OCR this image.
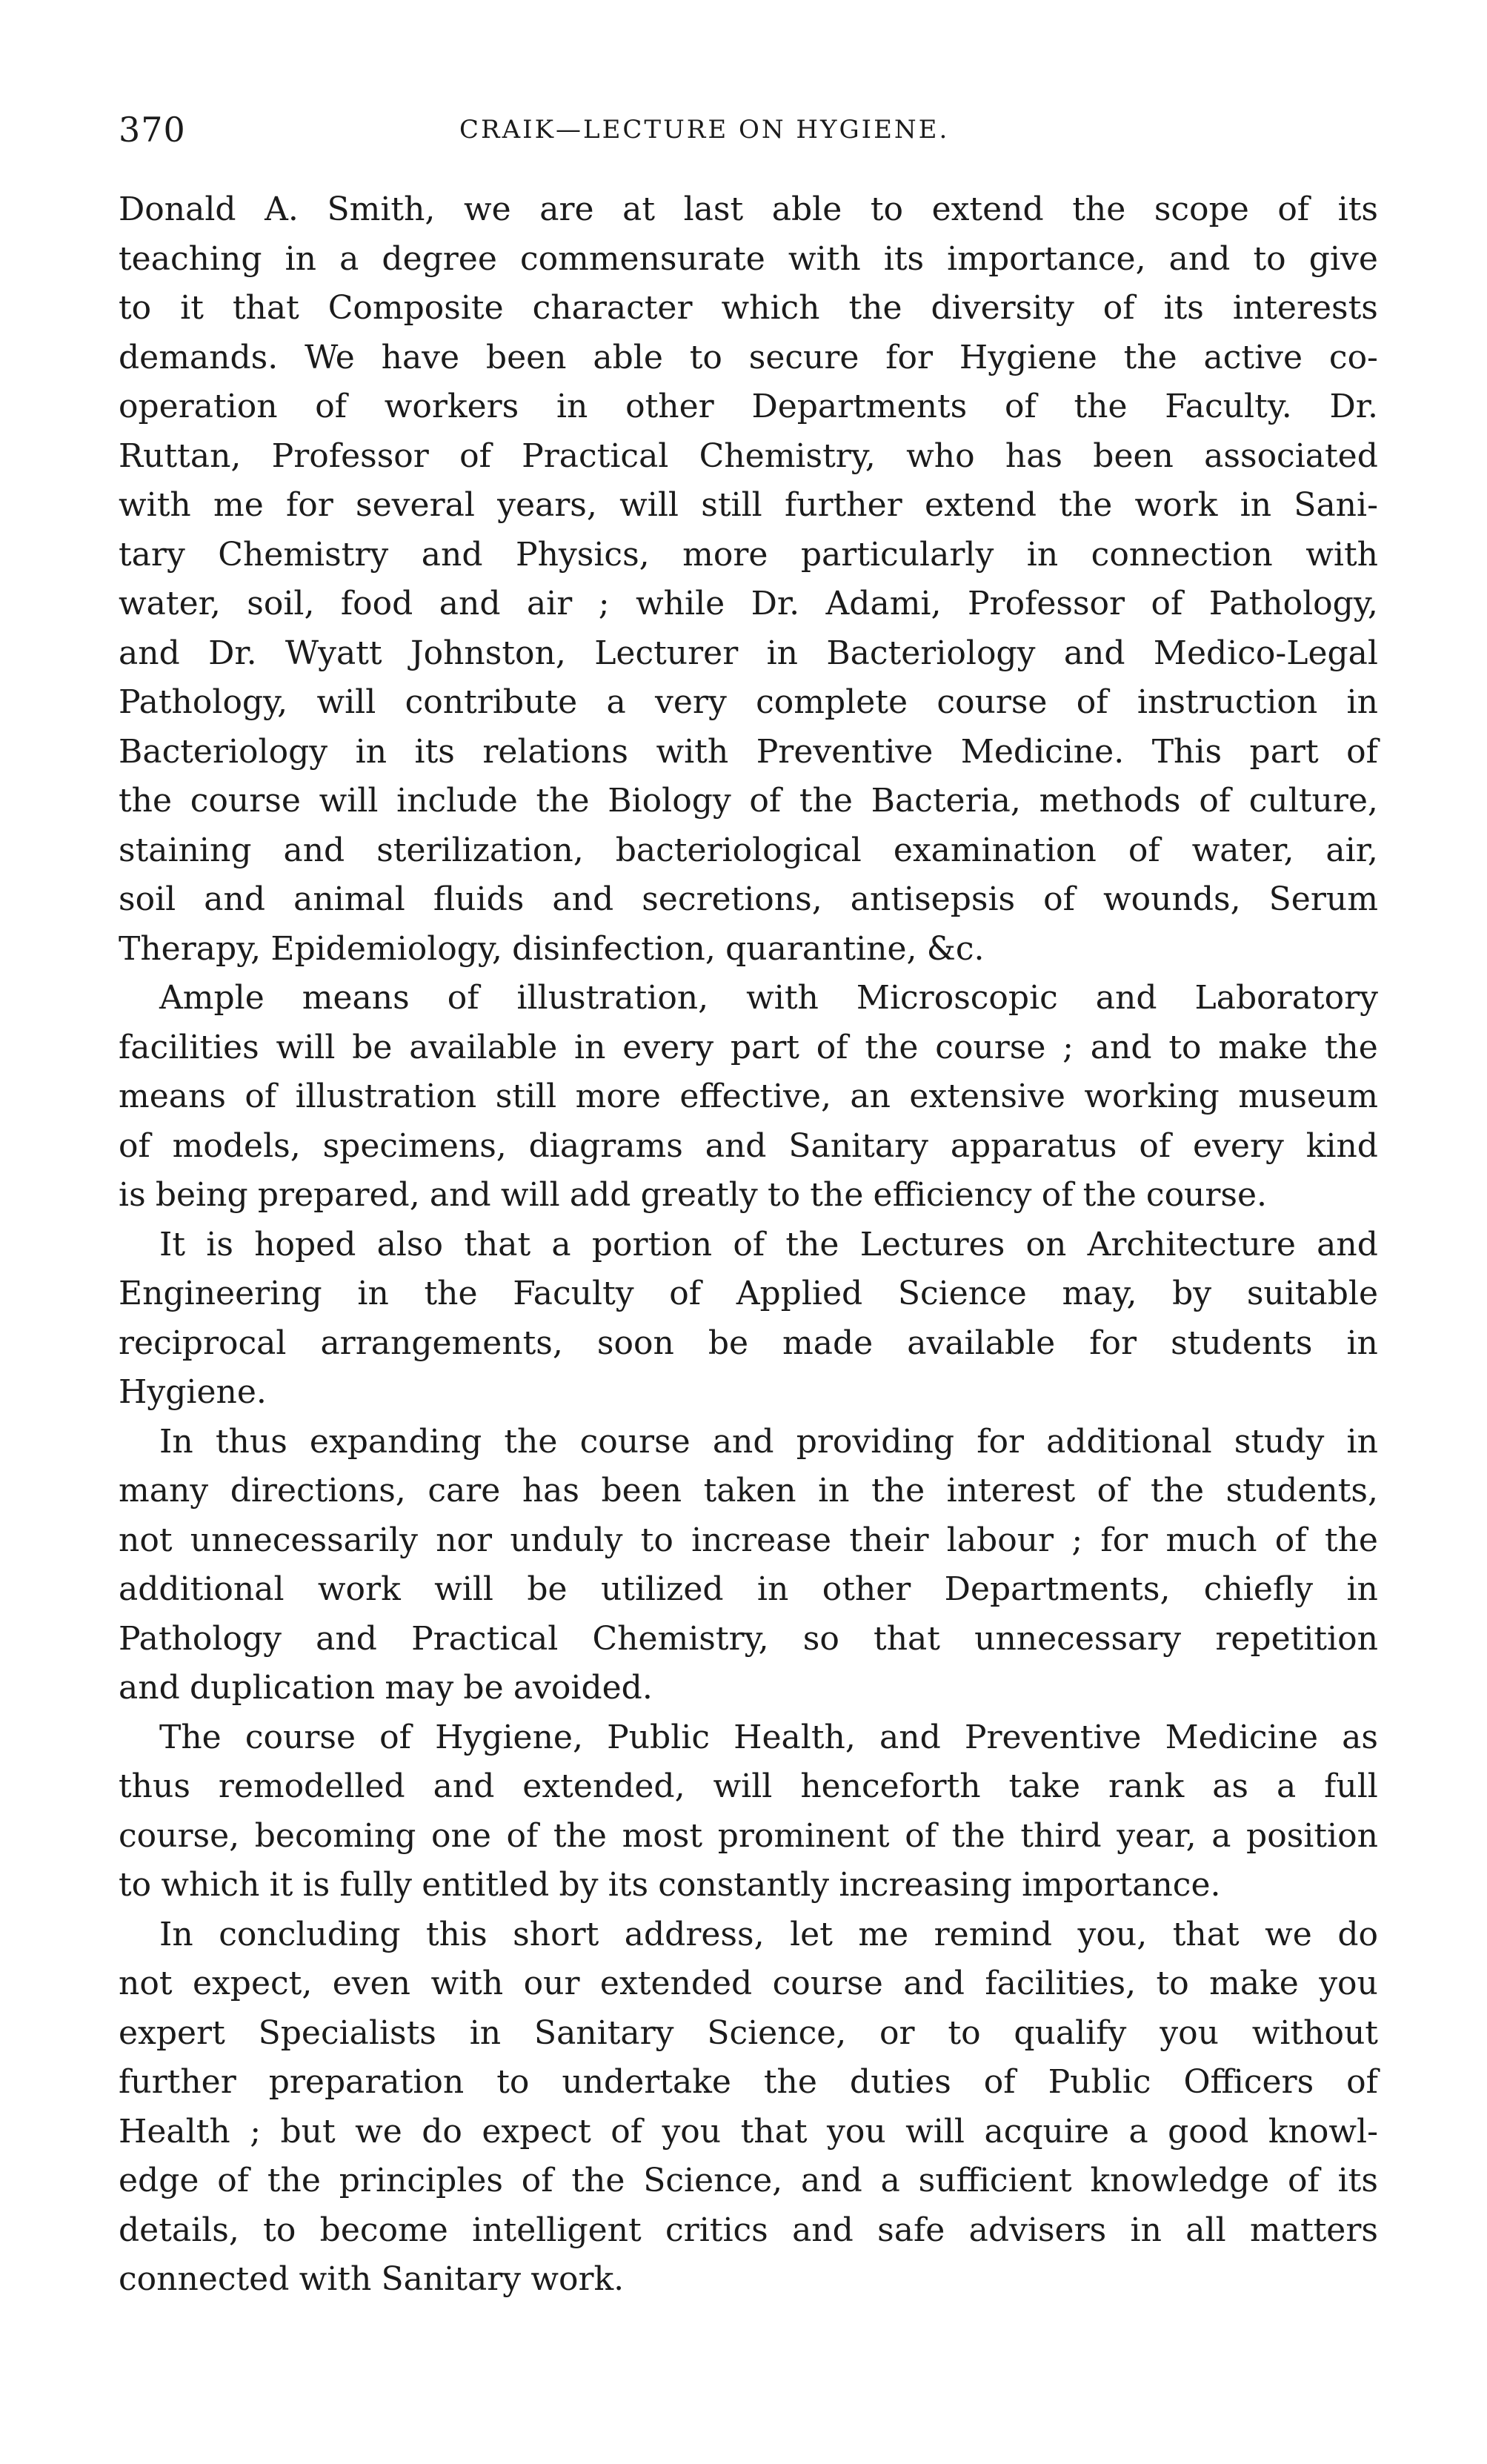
370	CRAIK—LECTURE ON HYGIENE.
Donald A. Smith, we are at last able to extend the scope of its
teaching in a degree commensurate with its importance, and to give
to it that Composite character which the diversity of its interests
demands. We have been able to secure for Hygiene the active co-
operation of workers in other Departments of the Faculty. Dr.
Ruttan, Professor of Practical Chemistry, who has been associated
with me for several years, will still further extend the work in Sani-
tary Chemistry and Physics, more particularly in connection with
water, soil, food and air ; while Dr. Adami, Professor of Pathology,
and Dr. Wyatt Johnston, Lecturer in Bacteriology and Medico-Legal
Pathology, will contribute a very complete course of instruction in
Bacteriology in its relations with Preventive Medicine. This part of
the course will include the Biology of the Bacteria, methods of culture,
staining and sterilization, bacteriological examination of water, air,
soil and animal fluids and secretions, antisepsis of wounds, Serum
Therapy, Epidemiology, disinfection, quarantine, &c.
Ample means of illustration, with Microscopic and Laboratory
facilities will be available in every part of the course ; and to make the
means of illustration still more effective, an extensive working museum
of models, specimens, diagrams and Sanitary apparatus of every kind
is being prepared, and will add greatly to the efficiency of the course.
It is hoped also that a portion of the Lectures on Architecture and
Engineering in the Faculty of Applied Science may, by suitable
reciprocal arrangements, soon be made available for students in
Hygiene.
In thus expanding the course and providing for additional study in
many directions, care has been taken in the interest of the students,
not unnecessarily nor unduly to increase their labour ; for much of the
additional work will be utilized in other Departments, chiefly in
Pathology and Practical Chemistry, so that unnecessary repetition
and duplication may be avoided.
The course of Hygiene, Public Health, and Preventive Medicine as
thus remodelled and extended, will henceforth take rank as a full
course, becoming one of the most prominent of the third year, a position
to which it is fully entitled by its constantly increasing importance.
In concluding this short address, let me remind you, that we do
not expect, even with our extended course and facilities, to make you
expert Specialists in Sanitary Science, or to qualify you without
further preparation to undertake the duties of Public Officers of
Health ; but we do expect of you that you will acquire a good knowl-
edge of the principles of the Science, and a sufficient knowledge of its
details, to become intelligent critics and safe advisers in all matters
connected with Sanitary work.
